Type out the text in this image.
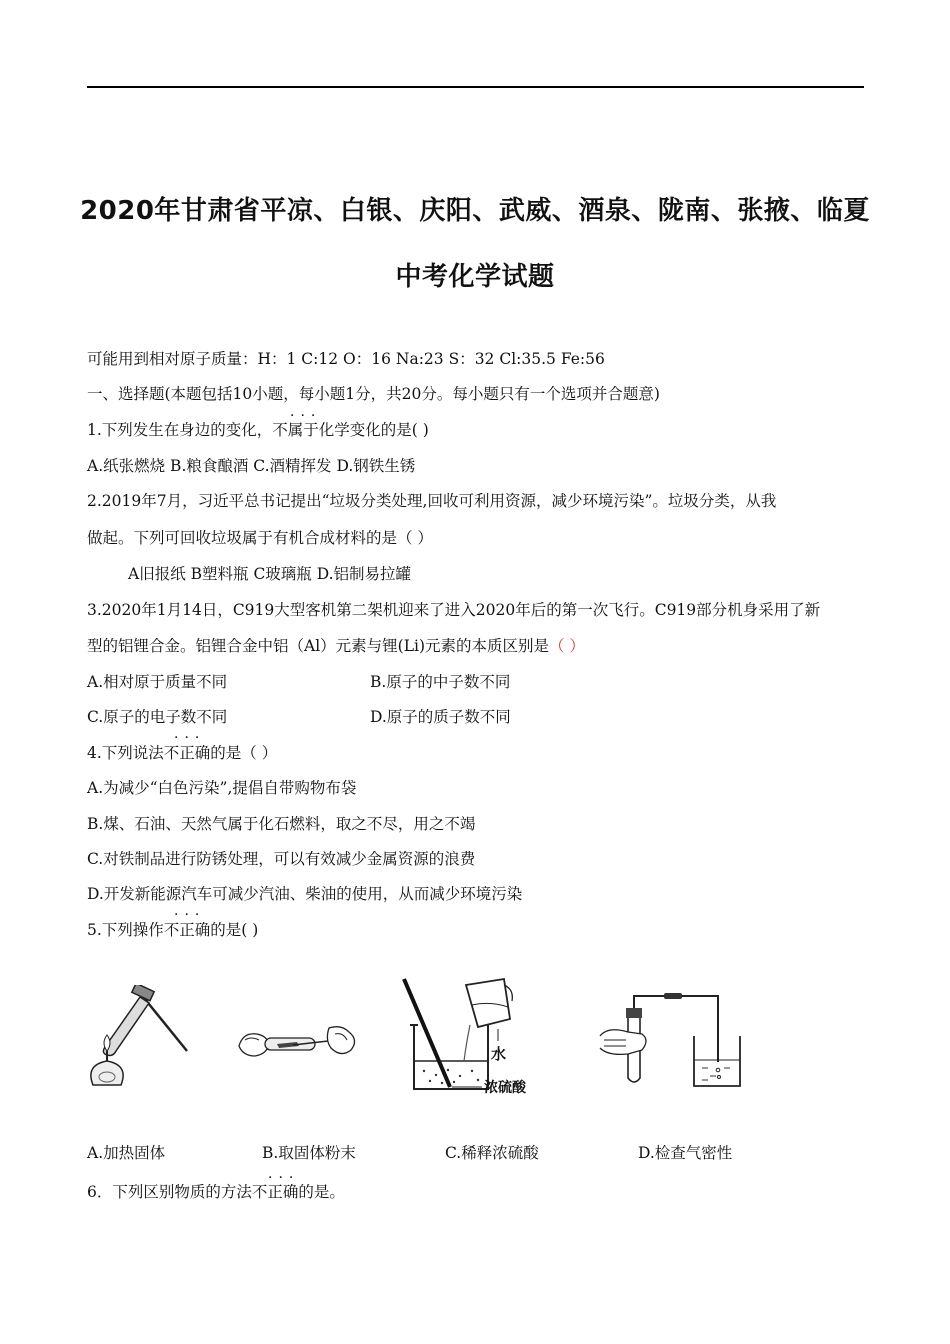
2020年甘肃省平凉、白银、庆阳、武威、酒泉、陇南、张掖、临夏
中考化学试题
可能用到相对原子质量：H：1 C:12 O：16 Na:23 S：32 Cl:35.5 Fe:56
一、选择题(本题包括10小题，每小题1分，共20分。每小题只有一个选项并合题意)
···
1.下列发生在身边的变化，不属于化学变化的是( )
A.纸张燃烧 B.粮食酿酒 C.酒精挥发 D.钢铁生锈
2.2019年7月，习近平总书记提出“垃圾分类处理,回收可利用资源，减少环境污染”。垃圾分类，从我
做起。下列可回收垃圾属于有机合成材料的是（ ）
A旧报纸 B塑料瓶 C玻璃瓶 D.铝制易拉罐
3.2020年1月14日，C919大型客机第二架机迎来了进入2020年后的第一次飞行。C919部分机身采用了新
型的铝锂合金。铝锂合金中铝（Al）元素与锂(Li)元素的本质区别是（ ）
A.相对原于质量不同	B.原子的中子数不同
C.原子的电子数不同	D.原子的质子数不同
···
4.下列说法不正确的是（ ）
A.为减少“白色污染”,提倡自带购物布袋
B.煤、石油、天然气属于化石燃料，取之不尽，用之不竭
C.对铁制品进行防锈处理，可以有效减少金属资源的浪费
D.开发新能源汽车可减少汽油、柴油的使用，从而减少环境污染
···
5.下列操作不正确的是( )
水
浓硫酸
A.加热固体	B.取固体粉末	C.稀释浓硫酸	D.检查气密性
···
6．下列区别物质的方法不正确的是。
